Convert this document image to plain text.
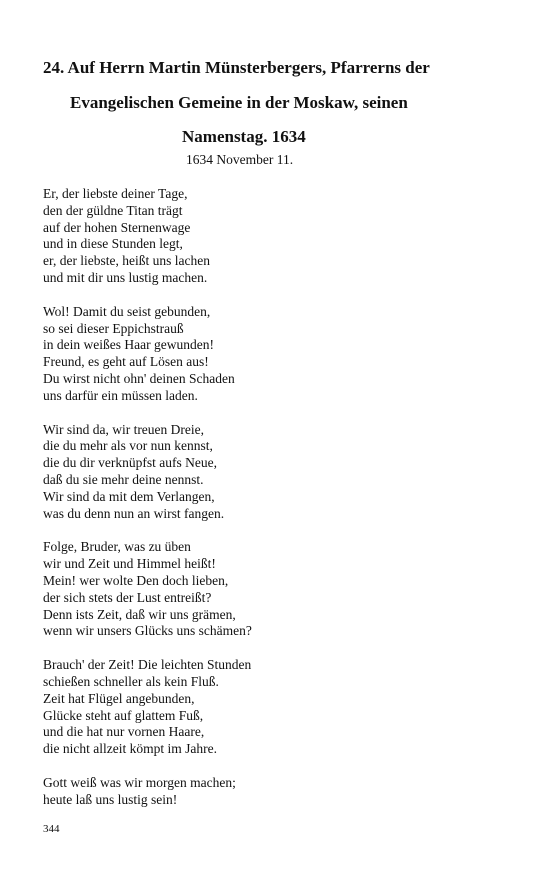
24. Auf Herrn Martin Münsterbergers, Pfarrerns der
Evangelischen Gemeine in der Moskaw, seinen
Namenstag. 1634
1634 November 11.
Er, der liebste deiner Tage,
den der güldne Titan trägt
auf der hohen Sternenwage
und in diese Stunden legt,
er, der liebste, heißt uns lachen
und mit dir uns lustig machen.
Wol! Damit du seist gebunden,
so sei dieser Eppichstrauß
in dein weißes Haar gewunden!
Freund, es geht auf Lösen aus!
Du wirst nicht ohn' deinen Schaden
uns darfür ein müssen laden.
Wir sind da, wir treuen Dreie,
die du mehr als vor nun kennst,
die du dir verknüpfst aufs Neue,
daß du sie mehr deine nennst.
Wir sind da mit dem Verlangen,
was du denn nun an wirst fangen.
Folge, Bruder, was zu üben
wir und Zeit und Himmel heißt!
Mein! wer wolte Den doch lieben,
der sich stets der Lust entreißt?
Denn ists Zeit, daß wir uns grämen,
wenn wir unsers Glücks uns schämen?
Brauch' der Zeit! Die leichten Stunden
schießen schneller als kein Fluß.
Zeit hat Flügel angebunden,
Glücke steht auf glattem Fuß,
und die hat nur vornen Haare,
die nicht allzeit kömpt im Jahre.
Gott weiß was wir morgen machen;
heute laß uns lustig sein!
344
